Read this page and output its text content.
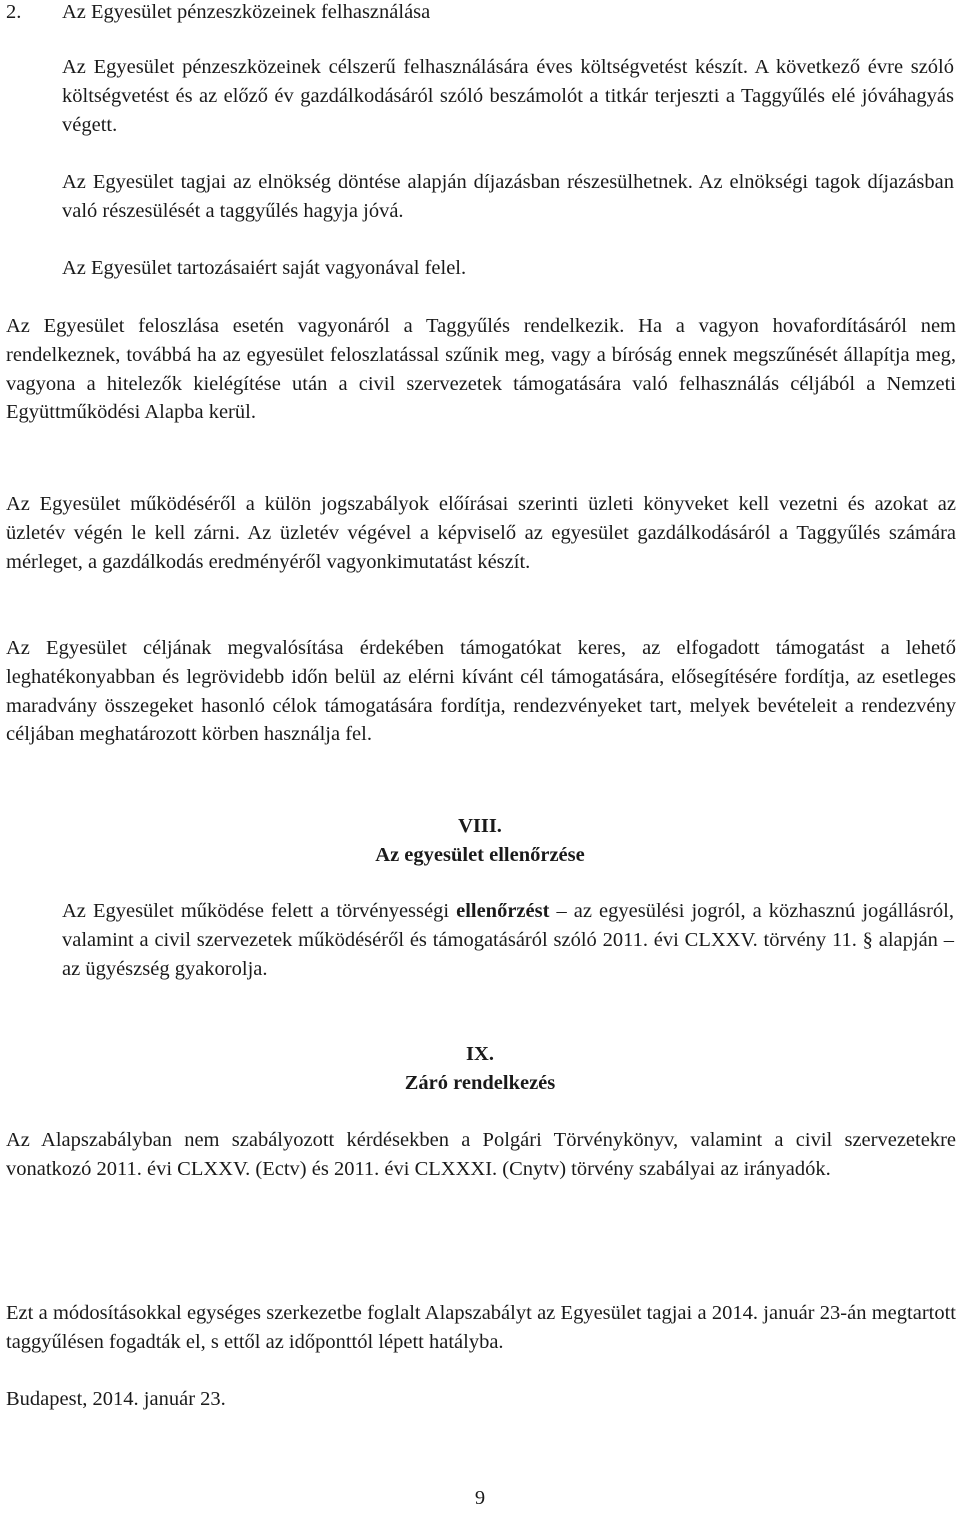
2. Az Egyesület pénzeszközeinek felhasználása

Az Egyesület pénzeszközeinek célszerű felhasználására éves költségvetést készít. A következő évre szóló költségvetést és az előző év gazdálkodásáról szóló beszámolót a titkár terjeszti a Taggyűlés elé jóváhagyás végett.

Az Egyesület tagjai az elnökség döntése alapján díjazásban részesülhetnek. Az elnökségi tagok díjazásban való részesülését a taggyűlés hagyja jóvá.

Az Egyesület tartozásaiért saját vagyonával felel.

Az Egyesület feloszlása esetén vagyonáról a Taggyűlés rendelkezik. Ha a vagyon hovafordításáról nem rendelkeznek, továbbá ha az egyesület feloszlatással szűnik meg, vagy a bíróság ennek megszűnését állapítja meg, vagyona a hitelezők kielégítése után a civil szervezetek támogatására való felhasználás céljából a Nemzeti Együttműködési Alapba kerül.

Az Egyesület működéséről a külön jogszabályok előírásai szerinti üzleti könyveket kell vezetni és azokat az üzletév végén le kell zárni. Az üzletév végével a képviselő az egyesület gazdálkodásáról a Taggyűlés számára mérleget, a gazdálkodás eredményéről vagyonkimutatást készít.

Az Egyesület céljának megvalósítása érdekében támogatókat keres, az elfogadott támogatást a lehető leghatékonyabban és legrövidebb időn belül az elérni kívánt cél támogatására, elősegítésére fordítja, az esetleges maradvány összegeket hasonló célok támogatására fordítja, rendezvényeket tart, melyek bevételeit a rendezvény céljában meghatározott körben használja fel.

VIII.

Az egyesület ellenőrzése

Az Egyesület működése felett a törvényességi ellenőrzést – az egyesülési jogról, a közhasznú jogállásról, valamint a civil szervezetek működéséről és támogatásáról szóló 2011. évi CLXXV. törvény 11. § alapján – az ügyészség gyakorolja.

IX.

Záró rendelkezés

Az Alapszabályban nem szabályozott kérdésekben a Polgári Törvénykönyv, valamint a civil szervezetekre vonatkozó 2011. évi CLXXV. (Ectv) és 2011. évi CLXXXI. (Cnytv) törvény szabályai az irányadók.

Ezt a módosításokkal egységes szerkezetbe foglalt Alapszabályt az Egyesület tagjai a 2014. január 23-án megtartott taggyűlésen fogadták el, s ettől az időponttól lépett hatályba.

Budapest, 2014. január 23.

9
